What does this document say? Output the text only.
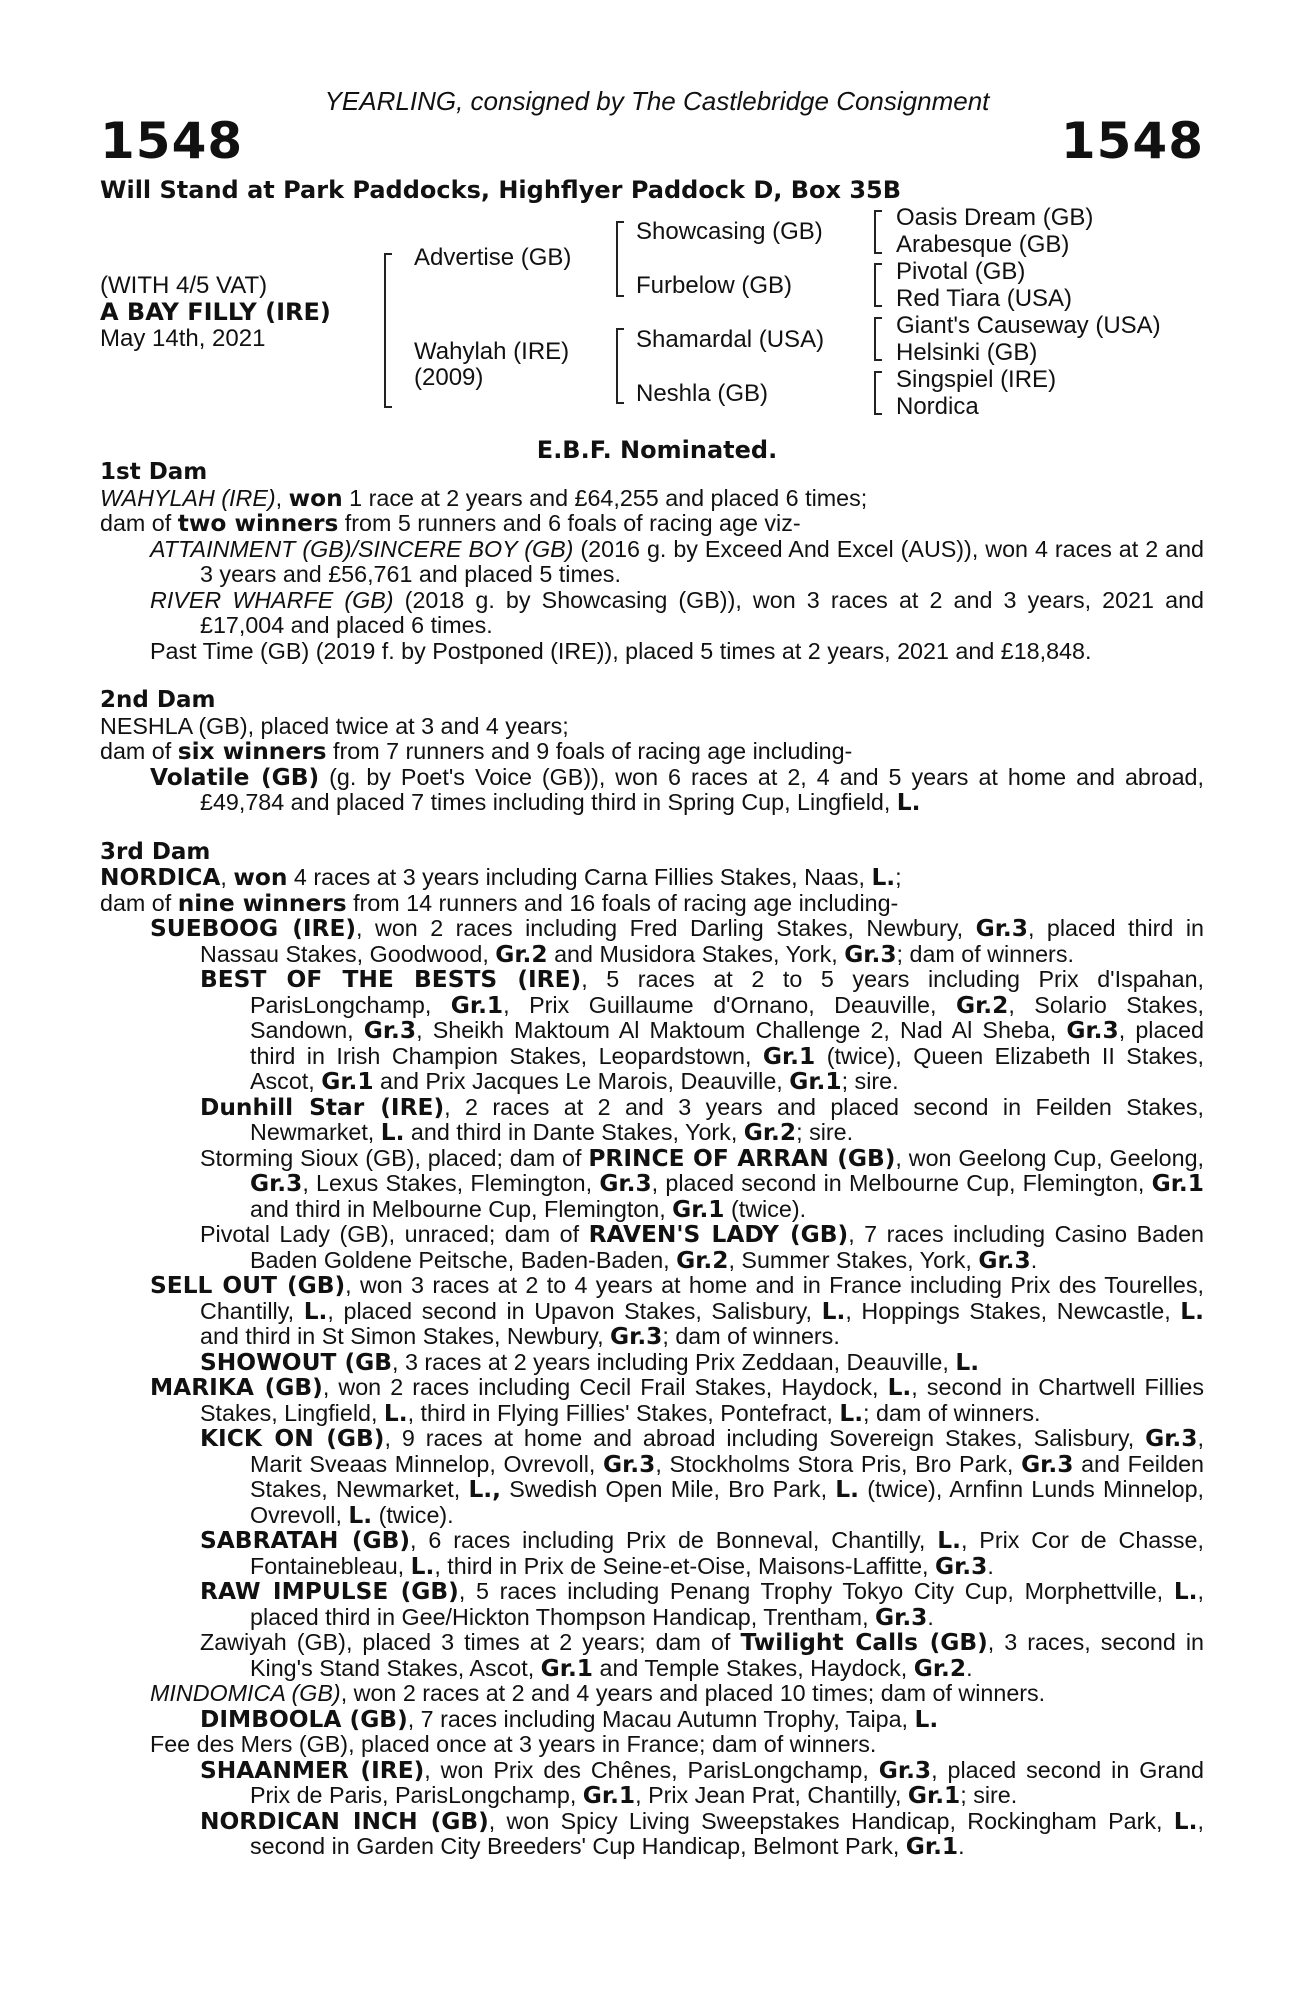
YEARLING, consigned by The Castlebridge Consignment
1548	1548
Will Stand at Park Paddocks, Highflyer Paddock D, Box 35B
(WITH 4/5 VAT)
A BAY FILLY (IRE)
May 14th, 2021
Advertise (GB)
Wahylah (IRE)
(2009)
Showcasing (GB)
Furbelow (GB)
Shamardal (USA)
Neshla (GB)
Oasis Dream (GB)
Arabesque (GB)
Pivotal (GB)
Red Tiara (USA)
Giant's Causeway (USA)
Helsinki (GB)
Singspiel (IRE)
Nordica
E.B.F. Nominated.
1st Dam
WAHYLAH (IRE), won 1 race at 2 years and £64,255 and placed 6 times;
dam of two winners from 5 runners and 6 foals of racing age viz-
ATTAINMENT (GB)/SINCERE BOY (GB) (2016 g. by Exceed And Excel (AUS)), won 4 races at 2 and 3 years and £56,761 and placed 5 times.
RIVER WHARFE (GB) (2018 g. by Showcasing (GB)), won 3 races at 2 and 3 years, 2021 and £17,004 and placed 6 times.
Past Time (GB) (2019 f. by Postponed (IRE)), placed 5 times at 2 years, 2021 and £18,848.
2nd Dam
NESHLA (GB), placed twice at 3 and 4 years;
dam of six winners from 7 runners and 9 foals of racing age including-
Volatile (GB) (g. by Poet's Voice (GB)), won 6 races at 2, 4 and 5 years at home and abroad, £49,784 and placed 7 times including third in Spring Cup, Lingfield, L.
3rd Dam
NORDICA, won 4 races at 3 years including Carna Fillies Stakes, Naas, L.;
dam of nine winners from 14 runners and 16 foals of racing age including-
SUEBOOG (IRE), won 2 races including Fred Darling Stakes, Newbury, Gr.3, placed third in Nassau Stakes, Goodwood, Gr.2 and Musidora Stakes, York, Gr.3; dam of winners.
BEST OF THE BESTS (IRE), 5 races at 2 to 5 years including Prix d'Ispahan, ParisLongchamp, Gr.1, Prix Guillaume d'Ornano, Deauville, Gr.2, Solario Stakes, Sandown, Gr.3, Sheikh Maktoum Al Maktoum Challenge 2, Nad Al Sheba, Gr.3, placed third in Irish Champion Stakes, Leopardstown, Gr.1 (twice), Queen Elizabeth II Stakes, Ascot, Gr.1 and Prix Jacques Le Marois, Deauville, Gr.1; sire.
Dunhill Star (IRE), 2 races at 2 and 3 years and placed second in Feilden Stakes, Newmarket, L. and third in Dante Stakes, York, Gr.2; sire.
Storming Sioux (GB), placed; dam of PRINCE OF ARRAN (GB), won Geelong Cup, Geelong, Gr.3, Lexus Stakes, Flemington, Gr.3, placed second in Melbourne Cup, Flemington, Gr.1 and third in Melbourne Cup, Flemington, Gr.1 (twice).
Pivotal Lady (GB), unraced; dam of RAVEN'S LADY (GB), 7 races including Casino Baden Baden Goldene Peitsche, Baden-Baden, Gr.2, Summer Stakes, York, Gr.3.
SELL OUT (GB), won 3 races at 2 to 4 years at home and in France including Prix des Tourelles, Chantilly, L., placed second in Upavon Stakes, Salisbury, L., Hoppings Stakes, Newcastle, L. and third in St Simon Stakes, Newbury, Gr.3; dam of winners.
SHOWOUT (GB, 3 races at 2 years including Prix Zeddaan, Deauville, L.
MARIKA (GB), won 2 races including Cecil Frail Stakes, Haydock, L., second in Chartwell Fillies Stakes, Lingfield, L., third in Flying Fillies' Stakes, Pontefract, L.; dam of winners.
KICK ON (GB), 9 races at home and abroad including Sovereign Stakes, Salisbury, Gr.3, Marit Sveaas Minnelop, Ovrevoll, Gr.3, Stockholms Stora Pris, Bro Park, Gr.3 and Feilden Stakes, Newmarket, L., Swedish Open Mile, Bro Park, L. (twice), Arnfinn Lunds Minnelop, Ovrevoll, L. (twice).
SABRATAH (GB), 6 races including Prix de Bonneval, Chantilly, L., Prix Cor de Chasse, Fontainebleau, L., third in Prix de Seine-et-Oise, Maisons-Laffitte, Gr.3.
RAW IMPULSE (GB), 5 races including Penang Trophy Tokyo City Cup, Morphettville, L., placed third in Gee/Hickton Thompson Handicap, Trentham, Gr.3.
Zawiyah (GB), placed 3 times at 2 years; dam of Twilight Calls (GB), 3 races, second in King's Stand Stakes, Ascot, Gr.1 and Temple Stakes, Haydock, Gr.2.
MINDOMICA (GB), won 2 races at 2 and 4 years and placed 10 times; dam of winners.
DIMBOOLA (GB), 7 races including Macau Autumn Trophy, Taipa, L.
Fee des Mers (GB), placed once at 3 years in France; dam of winners.
SHAANMER (IRE), won Prix des Chênes, ParisLongchamp, Gr.3, placed second in Grand Prix de Paris, ParisLongchamp, Gr.1, Prix Jean Prat, Chantilly, Gr.1; sire.
NORDICAN INCH (GB), won Spicy Living Sweepstakes Handicap, Rockingham Park, L., second in Garden City Breeders' Cup Handicap, Belmont Park, Gr.1.
